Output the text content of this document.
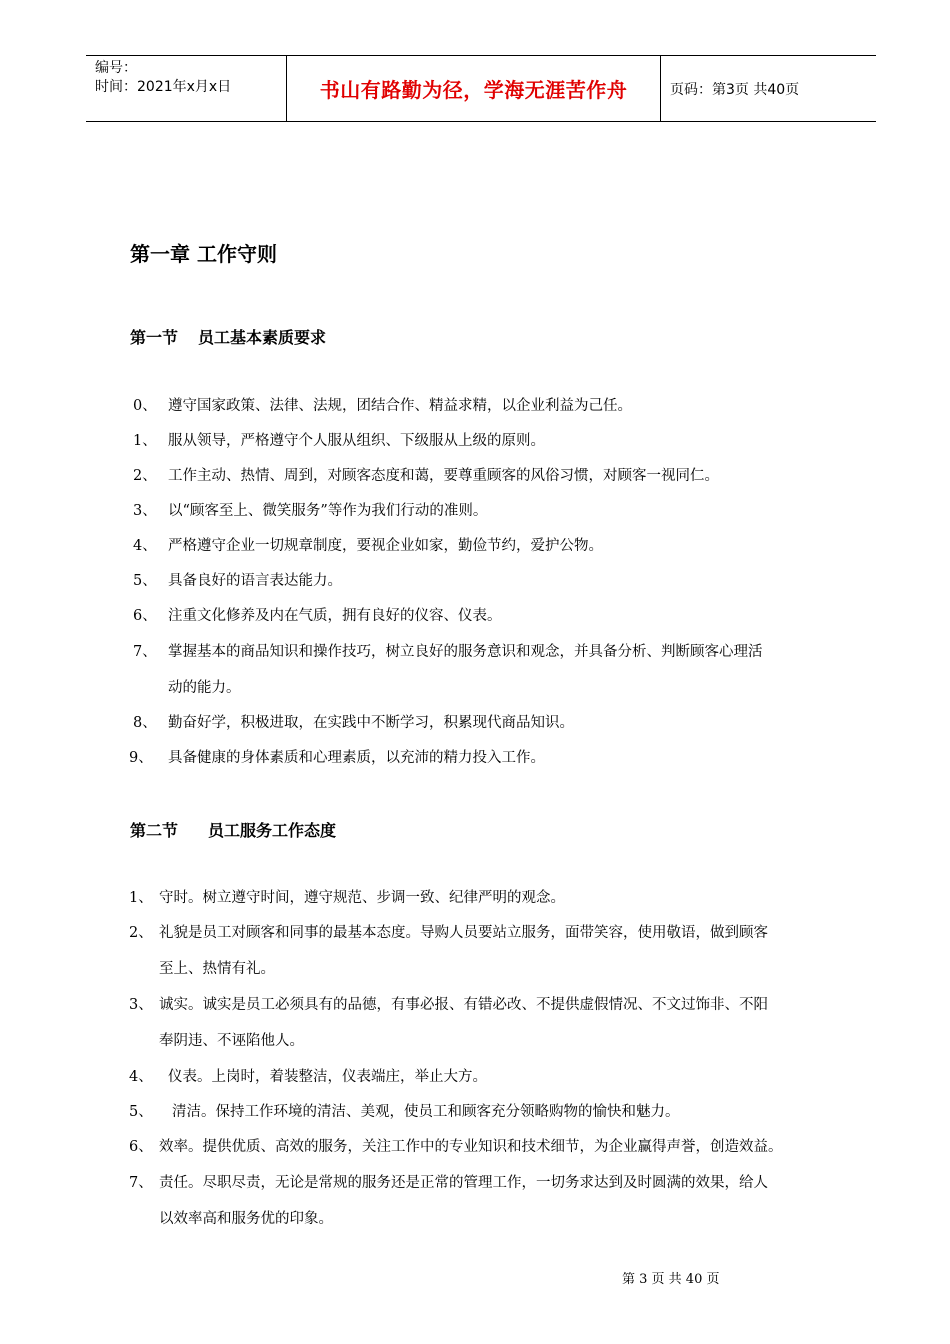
编号：
时间：2021年x月x日	书山有路勤为径，学海无涯苦作舟	页码：第3页 共40页
第一章 工作守则
第一节 员工基本素质要求
0、 遵守国家政策、法律、法规，团结合作、精益求精，以企业利益为己任。
1、 服从领导，严格遵守个人服从组织、下级服从上级的原则。
2、 工作主动、热情、周到，对顾客态度和蔼，要尊重顾客的风俗习惯，对顾客一视同仁。
3、 以“顾客至上、微笑服务”等作为我们行动的准则。
4、 严格遵守企业一切规章制度，要视企业如家，勤俭节约，爱护公物。
5、 具备良好的语言表达能力。
6、 注重文化修养及内在气质，拥有良好的仪容、仪表。
7、 掌握基本的商品知识和操作技巧，树立良好的服务意识和观念，并具备分析、判断顾客心理活
动的能力。
8、 勤奋好学，积极进取，在实践中不断学习，积累现代商品知识。
9、 具备健康的身体素质和心理素质，以充沛的精力投入工作。
第二节 员工服务工作态度
1、 守时。树立遵守时间，遵守规范、步调一致、纪律严明的观念。
2、 礼貌是员工对顾客和同事的最基本态度。导购人员要站立服务，面带笑容，使用敬语，做到顾客
至上、热情有礼。
3、 诚实。诚实是员工必须具有的品德，有事必报、有错必改、不提供虚假情况、不文过饰非、不阳
奉阴违、不诬陷他人。
4、 仪表。上岗时，着装整洁，仪表端庄，举止大方。
5、 清洁。保持工作环境的清洁、美观，使员工和顾客充分领略购物的愉快和魅力。
6、 效率。提供优质、高效的服务，关注工作中的专业知识和技术细节，为企业赢得声誉，创造效益。
7、 责任。尽职尽责，无论是常规的服务还是正常的管理工作，一切务求达到及时圆满的效果，给人
以效率高和服务优的印象。
第 3 页 共 40 页
